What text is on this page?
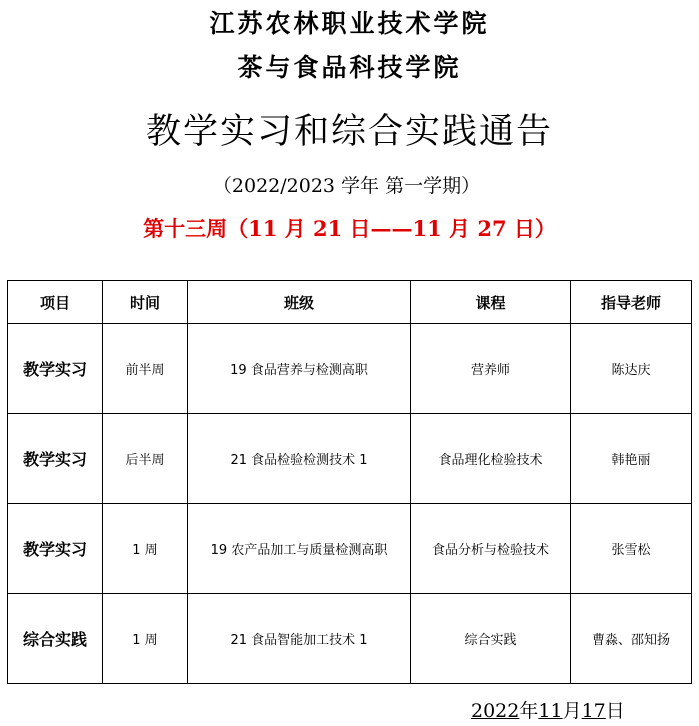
江苏农林职业技术学院
茶与食品科技学院
教学实习和综合实践通告
（2022/2023 学年 第一学期）
第十三周（11 月 21 日——11 月 27 日）
项目	时间	班级	课程	指导老师
教学实习	前半周	19 食品营养与检测高职	营养师	陈达庆
教学实习	后半周	21 食品检验检测技术 1	食品理化检验技术	韩艳丽
教学实习	1 周	19 农产品加工与质量检测高职	食品分析与检验技术	张雪松
综合实践	1 周	21 食品智能加工技术 1	综合实践	曹淼、邵知扬
2022年11月17日
